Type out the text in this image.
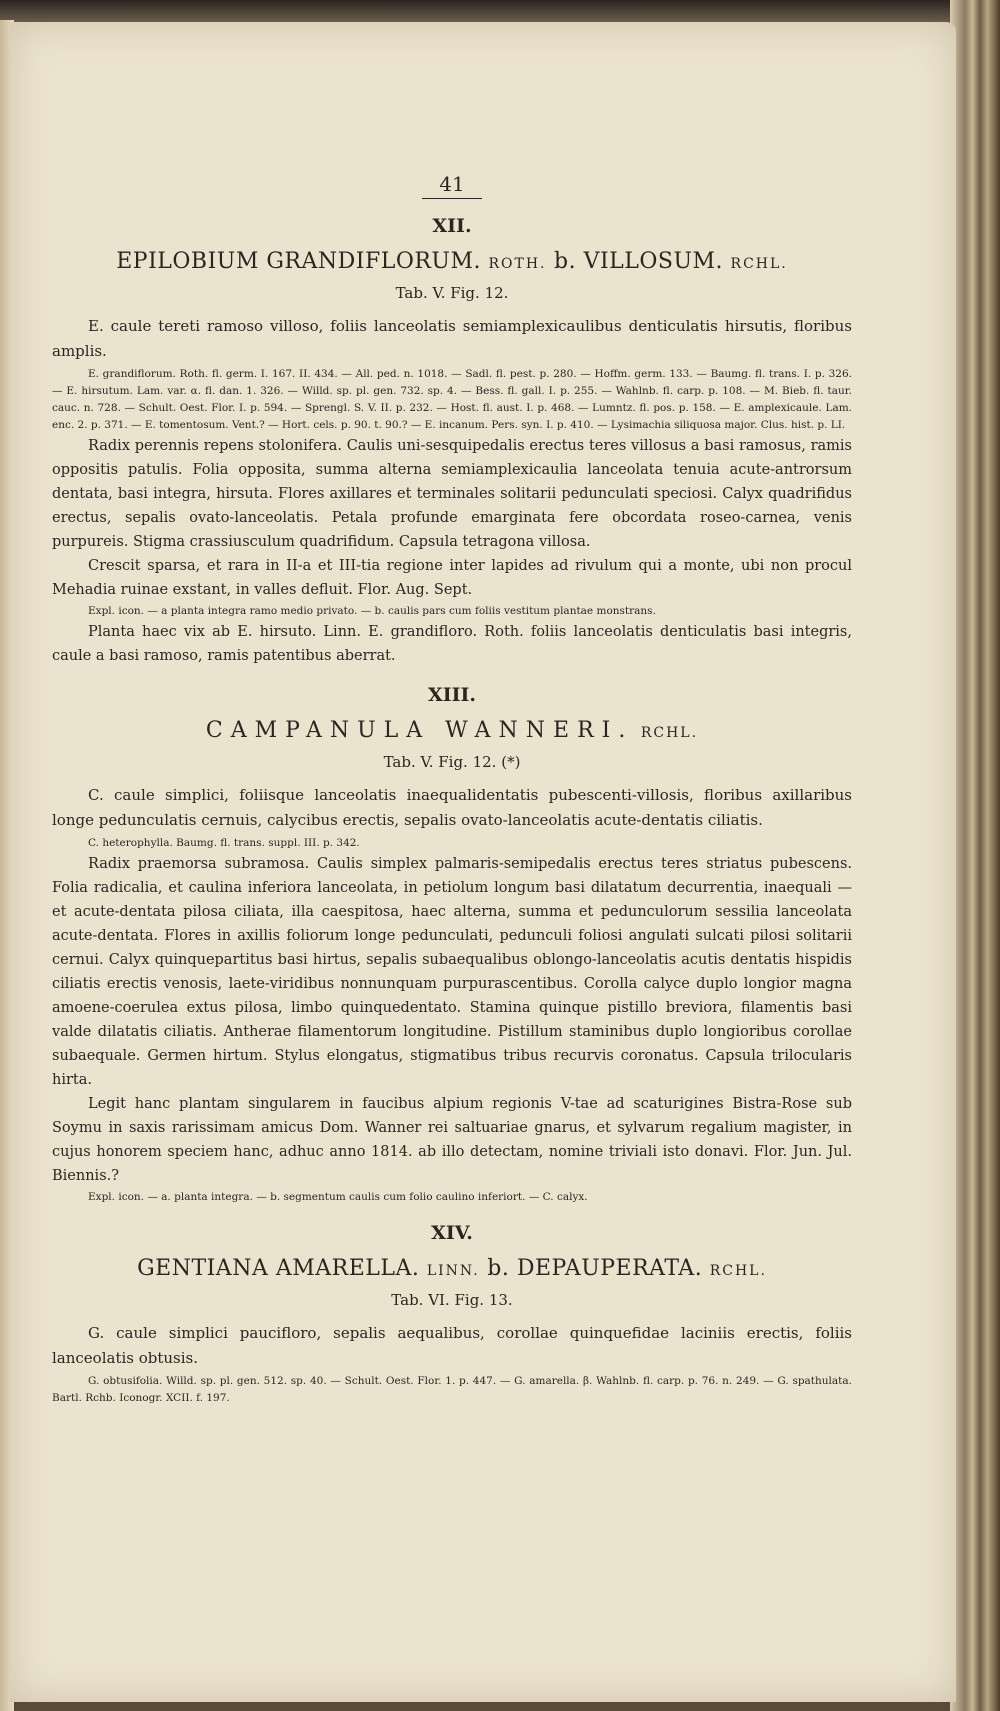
41
XII.
EPILOBIUM GRANDIFLORUM. ROTH. b. VILLOSUM. RCHL.
Tab. V. Fig. 12.

E. caule tereti ramoso villoso, foliis lanceolatis semiamplexicaulibus denticulatis hirsutis, floribus amplis.

E. grandiflorum. Roth. fl. germ. I. 167. II. 434. — All. ped. n. 1018. — Sadl. fl. pest. p. 280. — Hoffm. germ. 133. — Baumg. fl. trans. I. p. 326. — E. hirsutum. Lam. var. α. fl. dan. 1. 326. — Willd. sp. pl. gen. 732. sp. 4. — Bess. fl. gall. I. p. 255. — Wahlnb. fl. carp. p. 108. — M. Bieb. fl. taur. cauc. n. 728. — Schult. Oest. Flor. I. p. 594. — Sprengl. S. V. II. p. 232. — Host. fl. aust. I. p. 468. — Lumntz. fl. pos. p. 158. — E. amplexicaule. Lam. enc. 2. p. 371. — E. tomentosum. Vent.? — Hort. cels. p. 90. t. 90.? — E. incanum. Pers. syn. I. p. 410. — Lysimachia siliquosa major. Clus. hist. p. LI.

Radix perennis repens stolonifera. Caulis uni-sesquipedalis erectus teres villosus a basi ramosus, ramis oppositis patulis. Folia opposita, summa alterna semiamplexicaulia lanceolata tenuia acute-antrorsum dentata, basi integra, hirsuta. Flores axillares et terminales solitarii pedunculati speciosi. Calyx quadrifidus erectus, sepalis ovato-lanceolatis. Petala profunde emarginata fere obcordata roseo-carnea, venis purpureis. Stigma crassiusculum quadrifidum. Capsula tetragona villosa.

Crescit sparsa, et rara in II-a et III-tia regione inter lapides ad rivulum qui a monte, ubi non procul Mehadia ruinae exstant, in valles defluit. Flor. Aug. Sept.

Expl. icon. — a planta integra ramo medio privato. — b. caulis pars cum foliis vestitum plantae monstrans.

Planta haec vix ab E. hirsuto. Linn. E. grandifloro. Roth. foliis lanceolatis denticulatis basi integris, caule a basi ramoso, ramis patentibus aberrat.

XIII.
CAMPANULA WANNERI. RCHL.
Tab. V. Fig. 12. (*)

C. caule simplici, foliisque lanceolatis inaequalidentatis pubescenti-villosis, floribus axillaribus longe pedunculatis cernuis, calycibus erectis, sepalis ovato-lanceolatis acute-dentatis ciliatis.

C. heterophylla. Baumg. fl. trans. suppl. III. p. 342.

Radix praemorsa subramosa. Caulis simplex palmaris-semipedalis erectus teres striatus pubescens. Folia radicalia, et caulina inferiora lanceolata, in petiolum longum basi dilatatum decurrentia, inaequali — et acute-dentata pilosa ciliata, illa caespitosa, haec alterna, summa et pedunculorum sessilia lanceolata acute-dentata. Flores in axillis foliorum longe pedunculati, pedunculi foliosi angulati sulcati pilosi solitarii cernui. Calyx quinquepartitus basi hirtus, sepalis subaequalibus oblongo-lanceolatis acutis dentatis hispidis ciliatis erectis venosis, laete-viridibus nonnunquam purpurascentibus. Corolla calyce duplo longior magna amoene-coerulea extus pilosa, limbo quinquedentato. Stamina quinque pistillo breviora, filamentis basi valde dilatatis ciliatis. Antherae filamentorum longitudine. Pistillum staminibus duplo longioribus corollae subaequale. Germen hirtum. Stylus elongatus, stigmatibus tribus recurvis coronatus. Capsula trilocularis hirta.

Legit hanc plantam singularem in faucibus alpium regionis V-tae ad scaturigines Bistra-Rose sub Soymu in saxis rarissimam amicus Dom. Wanner rei saltuariae gnarus, et sylvarum regalium magister, in cujus honorem speciem hanc, adhuc anno 1814. ab illo detectam, nomine triviali isto donavi. Flor. Jun. Jul. Biennis.?

Expl. icon. — a. planta integra. — b. segmentum caulis cum folio caulino inferiort. — C. calyx.

XIV.
GENTIANA AMARELLA. LINN. b. DEPAUPERATA. RCHL.
Tab. VI. Fig. 13.

G. caule simplici paucifloro, sepalis aequalibus, corollae quinquefidae laciniis erectis, foliis lanceolatis obtusis.

G. obtusifolia. Willd. sp. pl. gen. 512. sp. 40. — Schult. Oest. Flor. 1. p. 447. — G. amarella. β. Wahlnb. fl. carp. p. 76. n. 249. — G. spathulata. Bartl. Rchb. Iconogr. XCII. f. 197.
